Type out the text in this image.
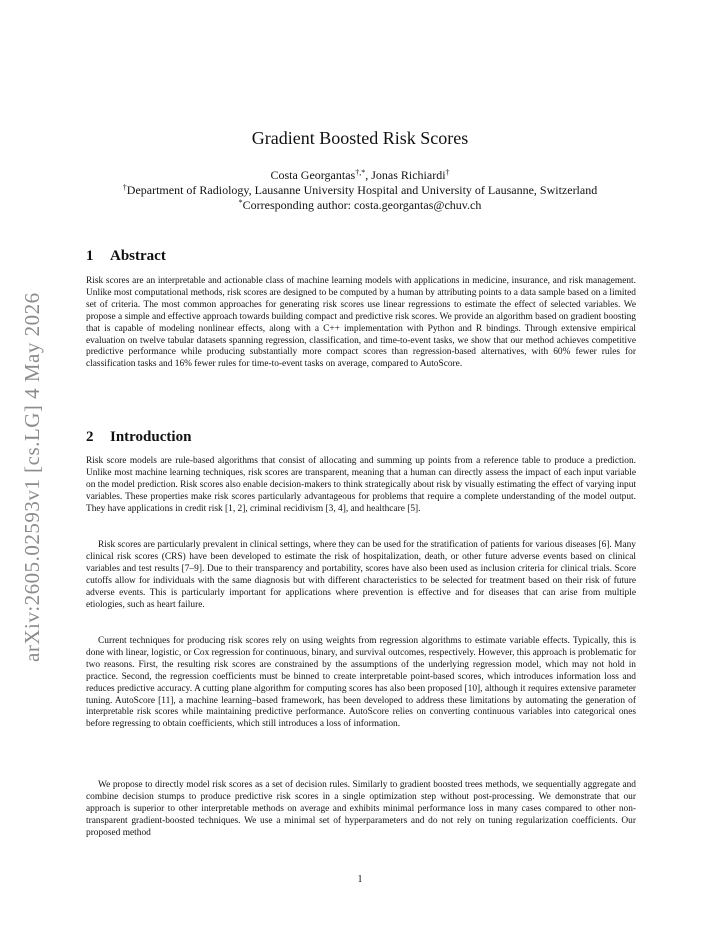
arXiv:2605.02593v1 [cs.LG] 4 May 2026
Gradient Boosted Risk Scores
Costa Georgantas†,*, Jonas Richiardi†
†Department of Radiology, Lausanne University Hospital and University of Lausanne, Switzerland
*Corresponding author: costa.georgantas@chuv.ch
1 Abstract

Risk scores are an interpretable and actionable class of machine learning models with applications in medicine, insurance, and risk management. Unlike most computational methods, risk scores are designed to be computed by a human by attributing points to a data sample based on a limited set of criteria. The most common approaches for generating risk scores use linear regressions to estimate the effect of selected variables. We propose a simple and effective approach towards building compact and predictive risk scores. We provide an algorithm based on gradient boosting that is capable of modeling nonlinear effects, along with a C++ implementation with Python and R bindings. Through extensive empirical evaluation on twelve tabular datasets spanning regression, classification, and time-to-event tasks, we show that our method achieves competitive predictive performance while producing substantially more compact scores than regression-based alternatives, with 60% fewer rules for classification tasks and 16% fewer rules for time-to-event tasks on average, compared to AutoScore.

2 Introduction

Risk score models are rule-based algorithms that consist of allocating and summing up points from a reference table to produce a prediction. Unlike most machine learning techniques, risk scores are transparent, meaning that a human can directly assess the impact of each input variable on the model prediction. Risk scores also enable decision-makers to think strategically about risk by visually estimating the effect of varying input variables. These properties make risk scores particularly advantageous for problems that require a complete understanding of the model output. They have applications in credit risk [1, 2], criminal recidivism [3, 4], and healthcare [5].

Risk scores are particularly prevalent in clinical settings, where they can be used for the stratification of patients for various diseases [6]. Many clinical risk scores (CRS) have been developed to estimate the risk of hospitalization, death, or other future adverse events based on clinical variables and test results [7–9]. Due to their transparency and portability, scores have also been used as inclusion criteria for clinical trials. Score cutoffs allow for individuals with the same diagnosis but with different characteristics to be selected for treatment based on their risk of future adverse events. This is particularly important for applications where prevention is effective and for diseases that can arise from multiple etiologies, such as heart failure.

Current techniques for producing risk scores rely on using weights from regression algorithms to estimate variable effects. Typically, this is done with linear, logistic, or Cox regression for continuous, binary, and survival outcomes, respectively. However, this approach is problematic for two reasons. First, the resulting risk scores are constrained by the assumptions of the underlying regression model, which may not hold in practice. Second, the regression coefficients must be binned to create interpretable point-based scores, which introduces information loss and reduces predictive accuracy. A cutting plane algorithm for computing scores has also been proposed [10], although it requires extensive parameter tuning. AutoScore [11], a machine learning–based framework, has been developed to address these limitations by automating the generation of interpretable risk scores while maintaining predictive performance. AutoScore relies on converting continuous variables into categorical ones before regressing to obtain coefficients, which still introduces a loss of information.

We propose to directly model risk scores as a set of decision rules. Similarly to gradient boosted trees methods, we sequentially aggregate and combine decision stumps to produce predictive risk scores in a single optimization step without post-processing. We demonstrate that our approach is superior to other interpretable methods on average and exhibits minimal performance loss in many cases compared to other non-transparent gradient-boosted techniques. We use a minimal set of hyperparameters and do not rely on tuning regularization coefficients. Our proposed method

1
